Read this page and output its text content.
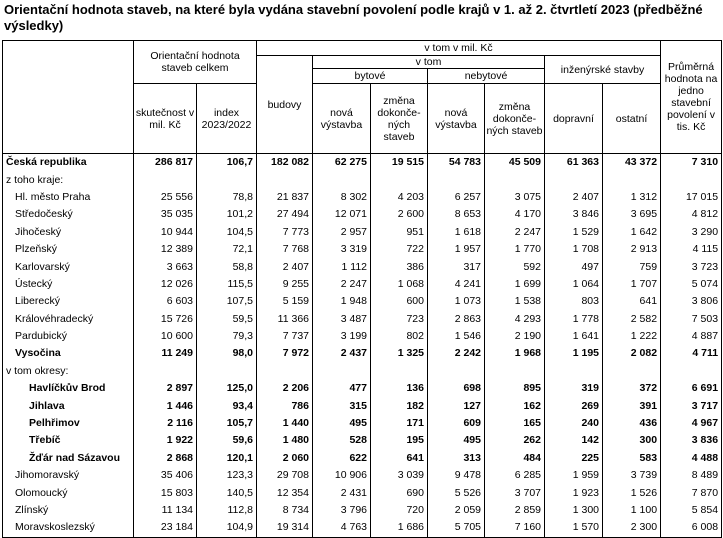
Orientační hodnota staveb, na které byla vydána stavební povolení podle krajů v 1. až 2. čtvrtletí 2023 (předběžné výsledky)
	Orientační hodnota staveb celkem		v tom v mil. Kč							Průměrná hodnota na jedno stavební povolení v tis. Kč
			budovy	v tom				inženýrské stavby		
				bytové		nebytové				
	skutečnost v mil. Kč	index 2023/2022		nová výstavba	změna dokonče-ných staveb	nová výstavba	změna dokonče-ných staveb	dopravní	ostatní	
Česká republika	286 817	106,7	182 082	62 275	19 515	54 783	45 509	61 363	43 372	7 310
z toho kraje:										
Hl. město Praha	25 556	78,8	21 837	8 302	4 203	6 257	3 075	2 407	1 312	17 015
Středočeský	35 035	101,2	27 494	12 071	2 600	8 653	4 170	3 846	3 695	4 812
Jihočeský	10 944	104,5	7 773	2 957	951	1 618	2 247	1 529	1 642	3 290
Plzeňský	12 389	72,1	7 768	3 319	722	1 957	1 770	1 708	2 913	4 115
Karlovarský	3 663	58,8	2 407	1 112	386	317	592	497	759	3 723
Ústecký	12 026	115,5	9 255	2 247	1 068	4 241	1 699	1 064	1 707	5 074
Liberecký	6 603	107,5	5 159	1 948	600	1 073	1 538	803	641	3 806
Královéhradecký	15 726	59,5	11 366	3 487	723	2 863	4 293	1 778	2 582	7 503
Pardubický	10 600	79,3	7 737	3 199	802	1 546	2 190	1 641	1 222	4 887
Vysočina	11 249	98,0	7 972	2 437	1 325	2 242	1 968	1 195	2 082	4 711
v tom okresy:										
Havlíčkův Brod	2 897	125,0	2 206	477	136	698	895	319	372	6 691
Jihlava	1 446	93,4	786	315	182	127	162	269	391	3 717
Pelhřimov	2 116	105,7	1 440	495	171	609	165	240	436	4 967
Třebíč	1 922	59,6	1 480	528	195	495	262	142	300	3 836
Žďár nad Sázavou	2 868	120,1	2 060	622	641	313	484	225	583	4 488
Jihomoravský	35 406	123,3	29 708	10 906	3 039	9 478	6 285	1 959	3 739	8 489
Olomoucký	15 803	140,5	12 354	2 431	690	5 526	3 707	1 923	1 526	7 870
Zlínský	11 134	112,8	8 734	3 796	720	2 059	2 859	1 300	1 100	5 854
Moravskoslezský	23 184	104,9	19 314	4 763	1 686	5 705	7 160	1 570	2 300	6 008
